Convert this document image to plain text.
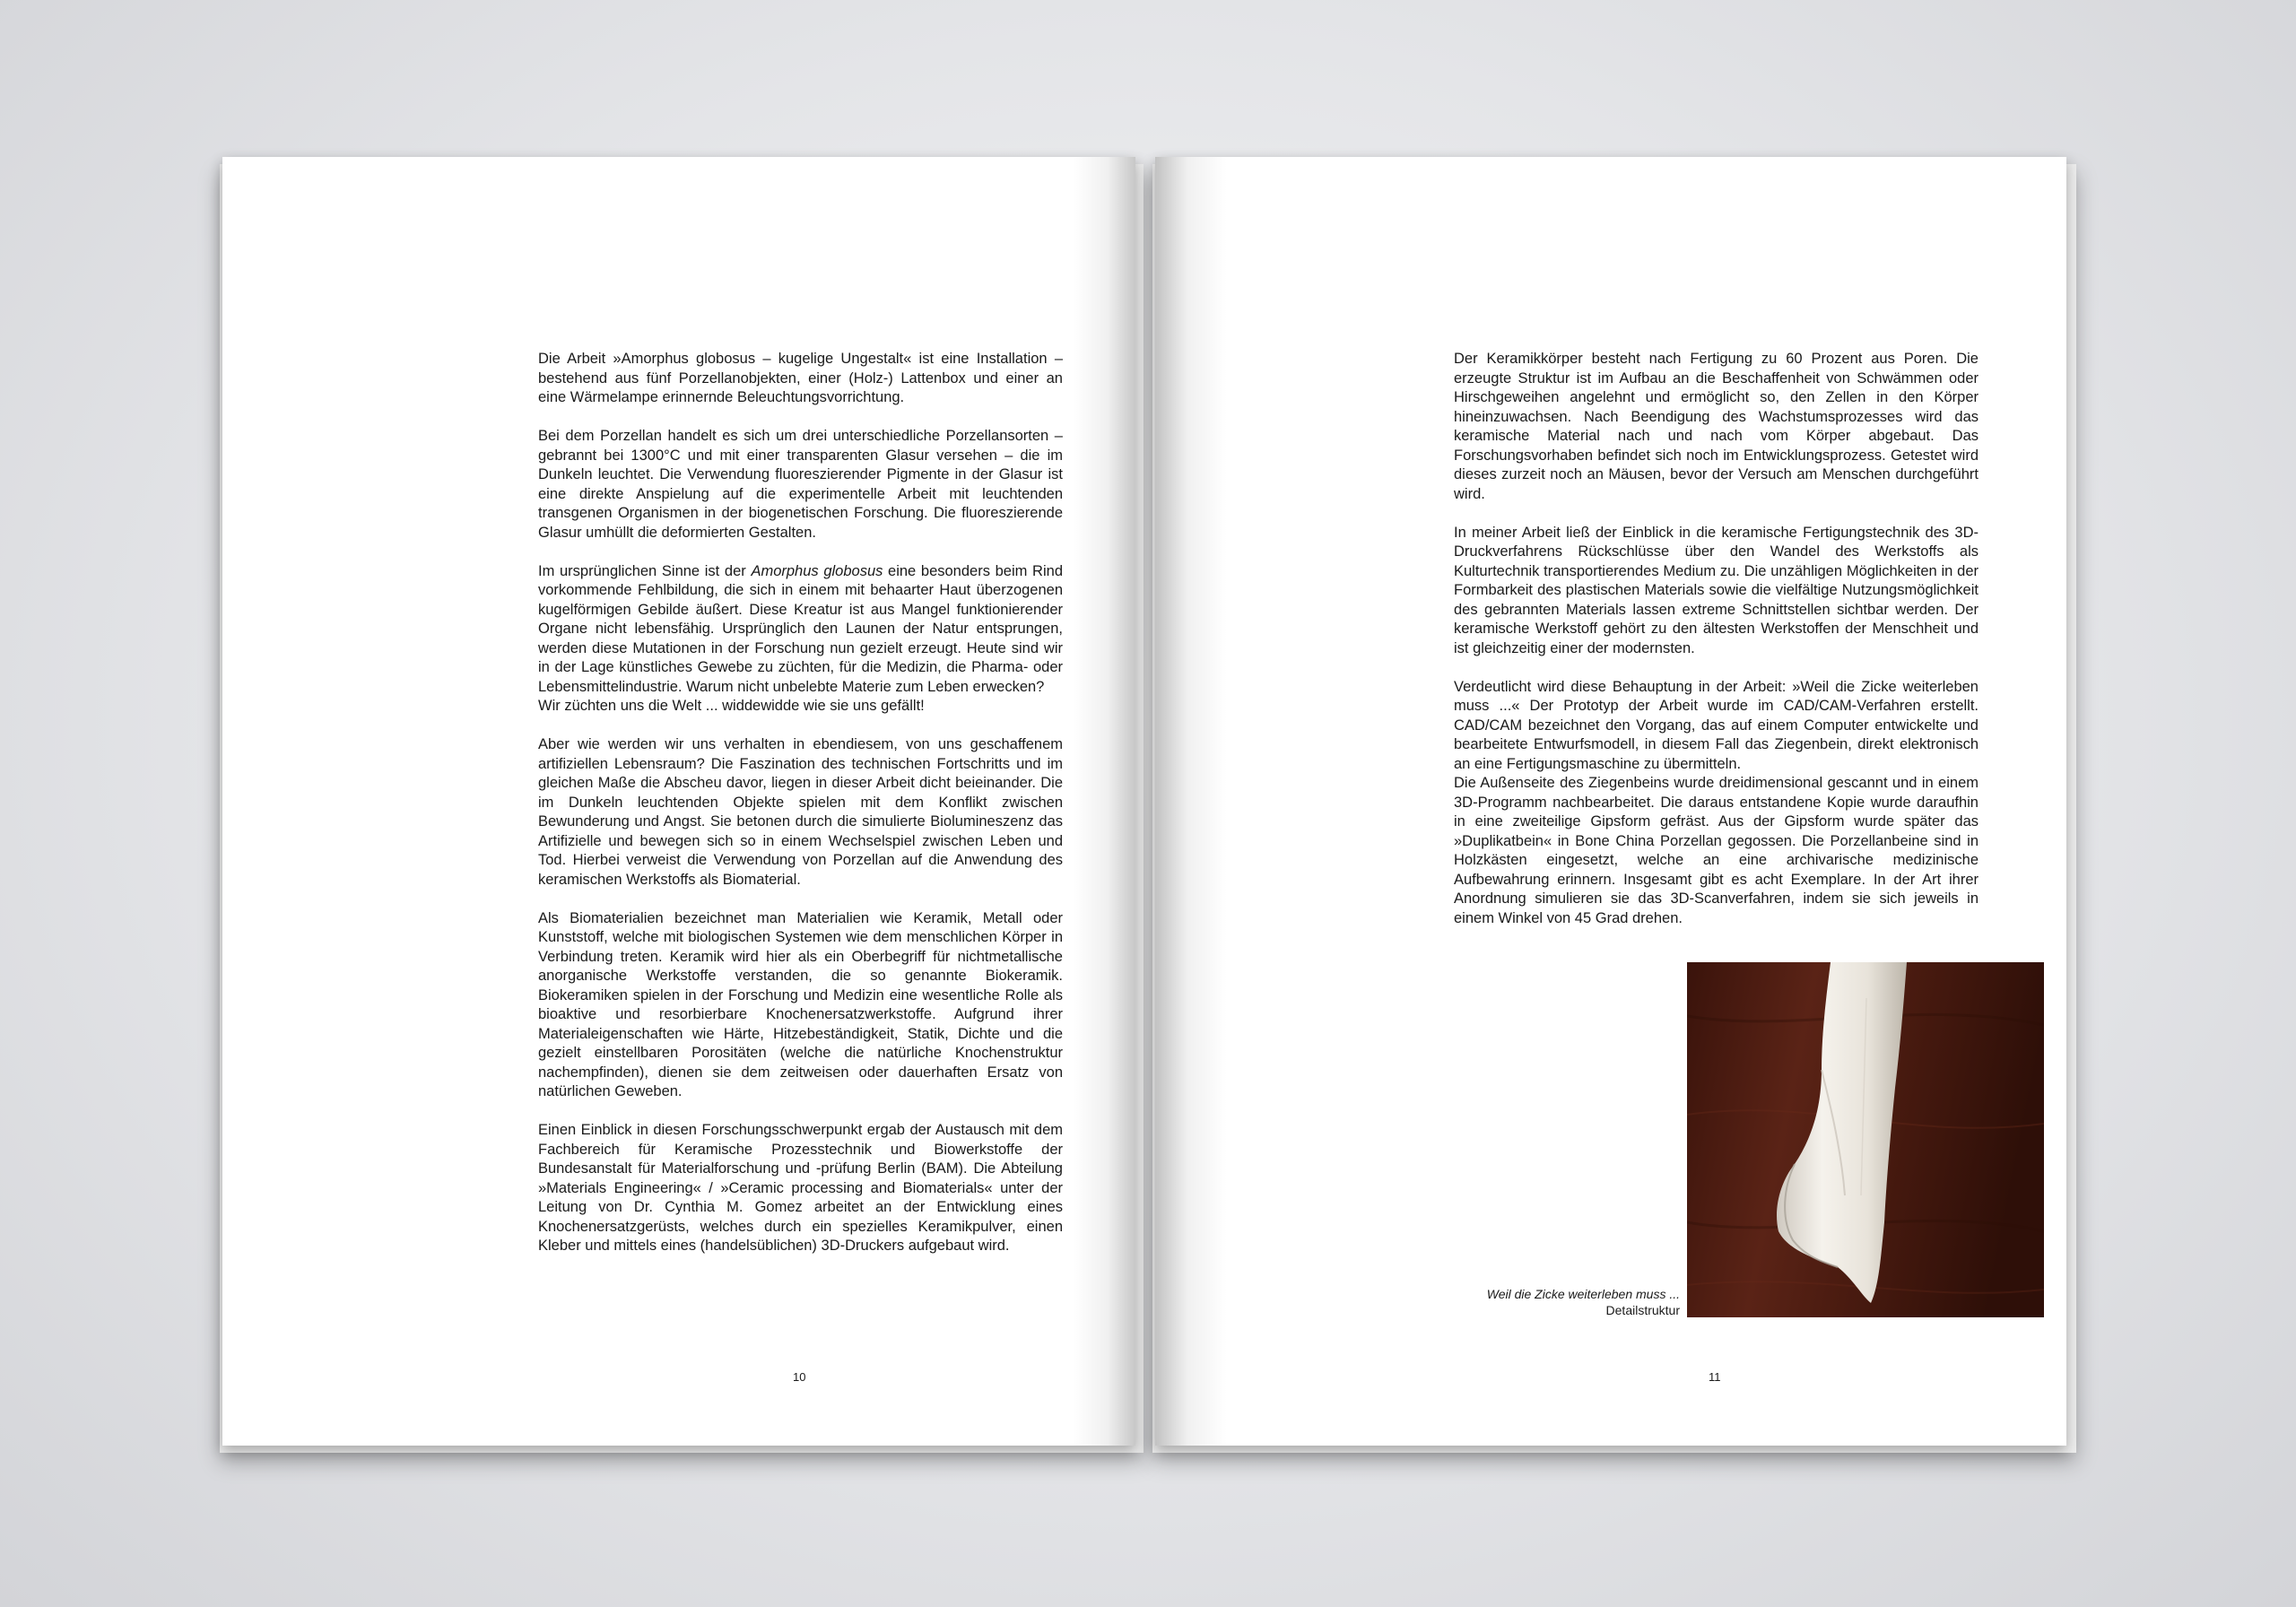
Die Arbeit »Amorphus globosus – kugelige Ungestalt« ist eine Installation – bestehend aus fünf Porzellanobjekten, einer (Holz-) Lattenbox und einer an eine Wärmelampe erinnernde Beleuchtungsvorrichtung.

Bei dem Porzellan handelt es sich um drei unterschiedliche Porzellansorten – gebrannt bei 1300°C und mit einer transparenten Glasur versehen – die im Dunkeln leuchtet. Die Verwendung fluoreszierender Pigmente in der Glasur ist eine direkte Anspielung auf die experimentelle Arbeit mit leuchtenden transgenen Organismen in der biogenetischen Forschung. Die fluoreszierende Glasur umhüllt die deformierten Gestalten.

Im ursprünglichen Sinne ist der Amorphus globosus eine besonders beim Rind vorkommende Fehlbildung, die sich in einem mit behaarter Haut überzogenen kugelförmigen Gebilde äußert. Diese Kreatur ist aus Mangel funktionierender Organe nicht lebensfähig. Ursprünglich den Launen der Natur entsprungen, werden diese Mutationen in der Forschung nun gezielt erzeugt. Heute sind wir in der Lage künstliches Gewebe zu züchten, für die Medizin, die Pharma- oder Lebensmittelindustrie. Warum nicht unbelebte Materie zum Leben erwecken?
Wir züchten uns die Welt ... widdewidde wie sie uns gefällt!

Aber wie werden wir uns verhalten in ebendiesem, von uns geschaffenem artifiziellen Lebensraum? Die Faszination des technischen Fortschritts und im gleichen Maße die Abscheu davor, liegen in dieser Arbeit dicht beieinander. Die im Dunkeln leuchtenden Objekte spielen mit dem Konflikt zwischen Bewunderung und Angst. Sie betonen durch die simulierte Biolumineszenz das Artifizielle und bewegen sich so in einem Wechselspiel zwischen Leben und Tod. Hierbei verweist die Verwendung von Porzellan auf die Anwendung des keramischen Werkstoffs als Biomaterial.

Als Biomaterialien bezeichnet man Materialien wie Keramik, Metall oder Kunststoff, welche mit biologischen Systemen wie dem menschlichen Körper in Verbindung treten. Keramik wird hier als ein Oberbegriff für nichtmetallische anorganische Werkstoffe verstanden, die so genannte Biokeramik. Biokeramiken spielen in der Forschung und Medizin eine wesentliche Rolle als bioaktive und resorbierbare Knochenersatzwerkstoffe. Aufgrund ihrer Materialeigenschaften wie Härte, Hitzebeständigkeit, Statik, Dichte und die gezielt einstellbaren Porositäten (welche die natürliche Knochenstruktur nachempfinden), dienen sie dem zeitweisen oder dauerhaften Ersatz von natürlichen Geweben.

Einen Einblick in diesen Forschungsschwerpunkt ergab der Austausch mit dem Fachbereich für Keramische Prozesstechnik und Biowerkstoffe der Bundesanstalt für Materialforschung und -prüfung Berlin (BAM). Die Abteilung »Materials Engineering« / »Ceramic processing and Biomaterials« unter der Leitung von Dr. Cynthia M. Gomez arbeitet an der Entwicklung eines Knochenersatzgerüsts, welches durch ein spezielles Keramikpulver, einen Kleber und mittels eines (handelsüblichen) 3D-Druckers aufgebaut wird.

10

Der Keramikkörper besteht nach Fertigung zu 60 Prozent aus Poren. Die erzeugte Struktur ist im Aufbau an die Beschaffenheit von Schwämmen oder Hirschgeweihen angelehnt und ermöglicht so, den Zellen in den Körper hineinzuwachsen. Nach Beendigung des Wachstumsprozesses wird das keramische Material nach und nach vom Körper abgebaut. Das Forschungsvorhaben befindet sich noch im Entwicklungsprozess. Getestet wird dieses zurzeit noch an Mäusen, bevor der Versuch am Menschen durchgeführt wird.

In meiner Arbeit ließ der Einblick in die keramische Fertigungstechnik des 3D-Druckverfahrens Rückschlüsse über den Wandel des Werkstoffs als Kulturtechnik transportierendes Medium zu. Die unzähligen Möglichkeiten in der Formbarkeit des plastischen Materials sowie die vielfältige Nutzungsmöglichkeit des gebrannten Materials lassen extreme Schnittstellen sichtbar werden. Der keramische Werkstoff gehört zu den ältesten Werkstoffen der Menschheit und ist gleichzeitig einer der modernsten.

Verdeutlicht wird diese Behauptung in der Arbeit: »Weil die Zicke weiterleben muss ...« Der Prototyp der Arbeit wurde im CAD/CAM-Verfahren erstellt. CAD/CAM bezeichnet den Vorgang, das auf einem Computer entwickelte und bearbeitete Entwurfsmodell, in diesem Fall das Ziegenbein, direkt elektronisch an eine Fertigungsmaschine zu übermitteln.
Die Außenseite des Ziegenbeins wurde dreidimensional gescannt und in einem 3D-Programm nachbearbeitet. Die daraus entstandene Kopie wurde daraufhin in eine zweiteilige Gipsform gefräst. Aus der Gipsform wurde später das »Duplikatbein« in Bone China Porzellan gegossen. Die Porzellanbeine sind in Holzkästen eingesetzt, welche an eine archivarische medizinische Aufbewahrung erinnern. Insgesamt gibt es acht Exemplare. In der Art ihrer Anordnung simulieren sie das 3D-Scanverfahren, indem sie sich jeweils in einem Winkel von 45 Grad drehen.

Weil die Zicke weiterleben muss ...
Detailstruktur
11
